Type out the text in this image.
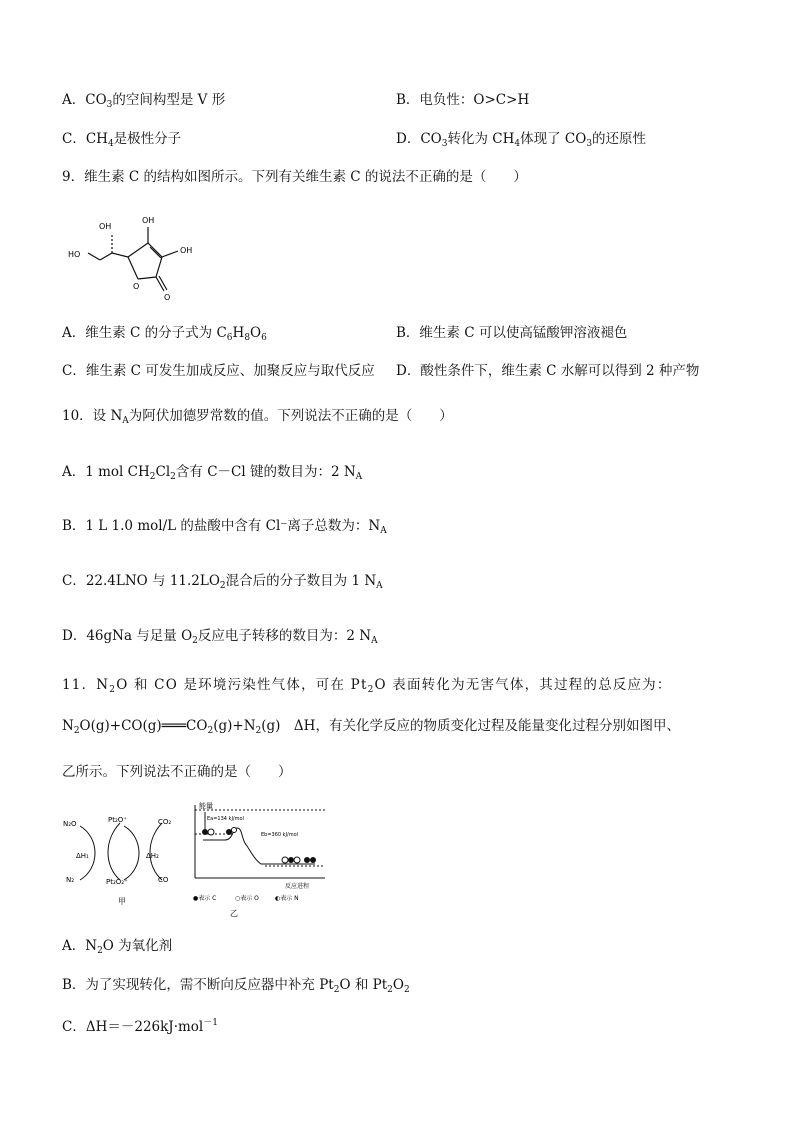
A．$CO_3$的空间构型是 V 形	B．电负性：O>C>H
C．$CH_4$是极性分子	D．$CO_3$转化为 $CH_4$体现了 $CO_3$的还原性
9．维生素 C 的结构如图所示。下列有关维生素 C 的说法不正确的是（　　）
OH
OH
OH
HO
O
O
A．维生素 C 的分子式为 $C_6H_8O_6$	B．维生素 C 可以使高锰酸钾溶液褪色
C．维生素 C 可发生加成反应、加聚反应与取代反应 D．酸性条件下，维生素 C 水解可以得到 2 种产物
10．设 $N_A$为阿伏加德罗常数的值。下列说法不正确的是（　　）
A．1 mol $CH_2Cl_2$含有 C－Cl 键的数目为：2 $N_A$
B．1 L 1.0 mol/L 的盐酸中含有 Cl⁻离子总数为：$N_A$
C．22.4LNO 与 $11.2LO_2$混合后的分子数目为 1 $N_A$
D．46gNa 与足量 $O_2$反应电子转移的数目为：2 $N_A$
11．$N_2O$ 和 CO 是环境污染性气体，可在 $Pt_2O$ 表面转化为无害气体，其过程的总反应为：
$N_2O(g)+CO(g)═══CO_2(g)+N_2(g)$　ΔH，有关化学反应的物质变化过程及能量变化过程分别如图甲、
乙所示。下列说法不正确的是（　　）
N₂O	Pt₂O⁺	CO₂
ΔH₁	ΔH₂
N₂	Pt₂O₂⁺	CO
甲
能量
Ea=134 kJ/mol
Eb=360 kJ/mol
反应进程
●表示 C	○表示 O	◐表示 N
乙
A．$N_2O$ 为氧化剂
B．为了实现转化，需不断向反应器中补充 $Pt_2O$ 和 $Pt_2O_2$
C．ΔH＝－226kJ·mol$^{-1}$
